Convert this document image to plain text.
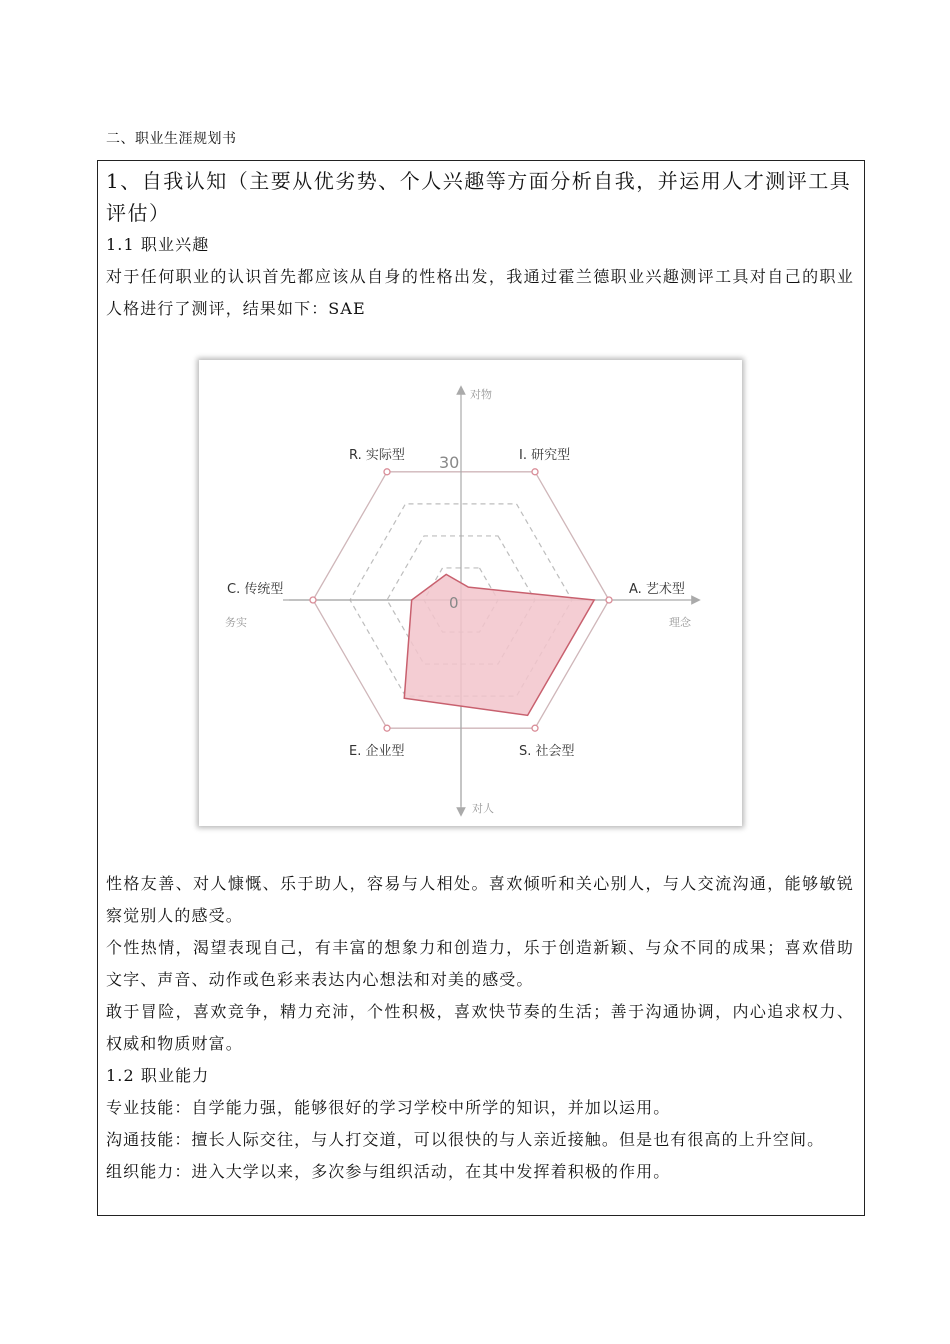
二、职业生涯规划书
1、自我认知（主要从优劣势、个人兴趣等方面分析自我，并运用人才测评工具评估）
1.1 职业兴趣
对于任何职业的认识首先都应该从自身的性格出发，我通过霍兰德职业兴趣测评工具对自己的职业人格进行了测评，结果如下：SAE
I. 研究型
A. 艺术型
S. 社会型
E. 企业型
C. 传统型
R. 实际型
对物
对人
务实	理念
30
0
性格友善、对人慷慨、乐于助人，容易与人相处。喜欢倾听和关心别人，与人交流沟通，能够敏锐察觉别人的感受。
个性热情，渴望表现自己，有丰富的想象力和创造力，乐于创造新颖、与众不同的成果；喜欢借助文字、声音、动作或色彩来表达内心想法和对美的感受。
敢于冒险，喜欢竞争，精力充沛，个性积极，喜欢快节奏的生活；善于沟通协调，内心追求权力、权威和物质财富。
1.2 职业能力
专业技能：自学能力强，能够很好的学习学校中所学的知识，并加以运用。
沟通技能：擅长人际交往，与人打交道，可以很快的与人亲近接触。但是也有很高的上升空间。
组织能力：进入大学以来，多次参与组织活动，在其中发挥着积极的作用。
